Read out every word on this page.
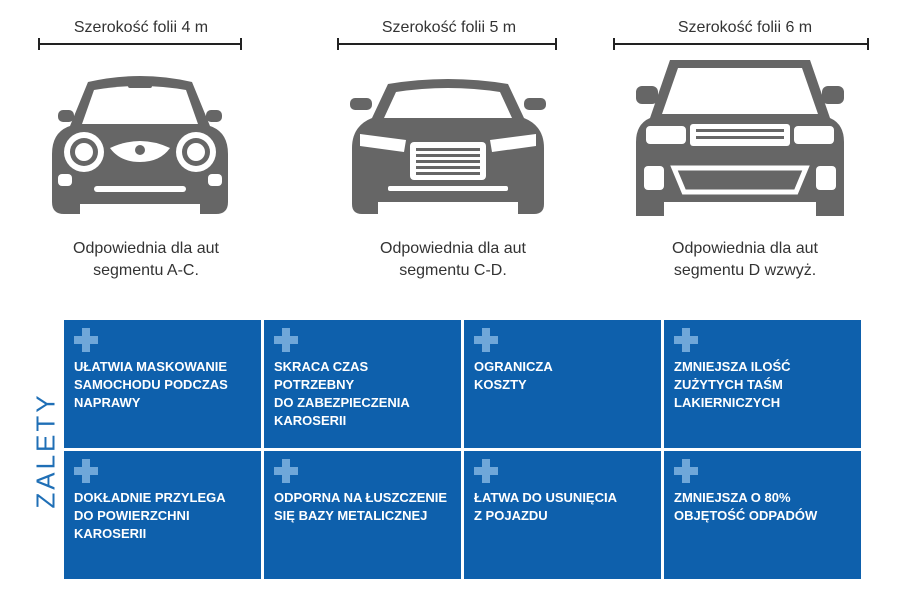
Szerokość folii 4 m
Odpowiednia dla aut
segmentu A-C.
Szerokość folii 5 m
Odpowiednia dla aut
segmentu C-D.
Szerokość folii 6 m
Odpowiednia dla aut
segmentu D wzwyż.
ZALETY
UŁATWIA MASKOWANIE
SAMOCHODU PODCZAS
NAPRAWY
SKRACA CZAS
POTRZEBNY
DO ZABEZPIECZENIA
KAROSERII
OGRANICZA
KOSZTY
ZMNIEJSZA ILOŚĆ
ZUŻYTYCH TAŚM
LAKIERNICZYCH
DOKŁADNIE PRZYLEGA
DO POWIERZCHNI
KAROSERII
ODPORNA NA ŁUSZCZENIE
SIĘ BAZY METALICZNEJ
ŁATWA DO USUNIĘCIA
Z POJAZDU
ZMNIEJSZA O 80%
OBJĘTOŚĆ ODPADÓW
